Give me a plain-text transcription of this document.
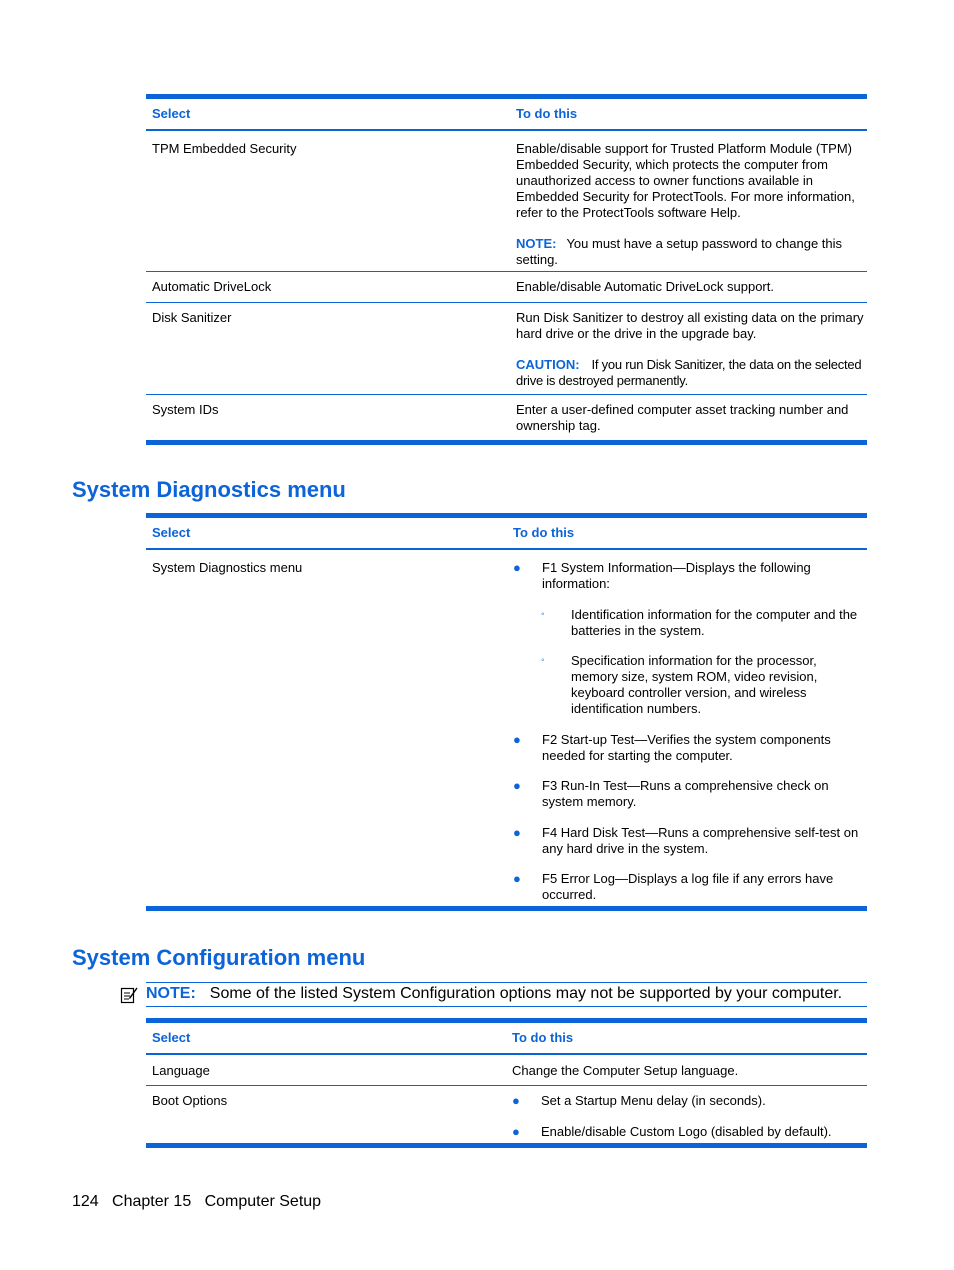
Select	To do this
TPM Embedded Security	Enable/disable support for Trusted Platform Module (TPM) Embedded Security, which protects the computer from unauthorized access to owner functions available in Embedded Security for ProtectTools. For more information, refer to the ProtectTools software Help.

NOTE: You must have a setup password to change this setting.

Automatic DriveLock	Enable/disable Automatic DriveLock support.
Disk Sanitizer	Run Disk Sanitizer to destroy all existing data on the primary hard drive or the drive in the upgrade bay.

CAUTION: If you run Disk Sanitizer, the data on the selected drive is destroyed permanently.

System IDs	Enter a user-defined computer asset tracking number and ownership tag.
System Diagnostics menu
Select	To do this
System Diagnostics menu	● F1 System Information—Displays the following information:

◦ Identification information for the computer and the batteries in the system.

◦ Specification information for the processor, memory size, system ROM, video revision, keyboard controller version, and wireless identification numbers.

● F2 Start-up Test—Verifies the system components needed for starting the computer.

● F3 Run-In Test—Runs a comprehensive check on system memory.

● F4 Hard Disk Test—Runs a comprehensive self-test on any hard drive in the system.

● F5 Error Log—Displays a log file if any errors have occurred.

System Configuration menu
NOTE: Some of the listed System Configuration options may not be supported by your computer.
Select	To do this
Language	Change the Computer Setup language.
Boot Options	● Set a Startup Menu delay (in seconds).

● Enable/disable Custom Logo (disabled by default).

124 Chapter 15 Computer Setup
